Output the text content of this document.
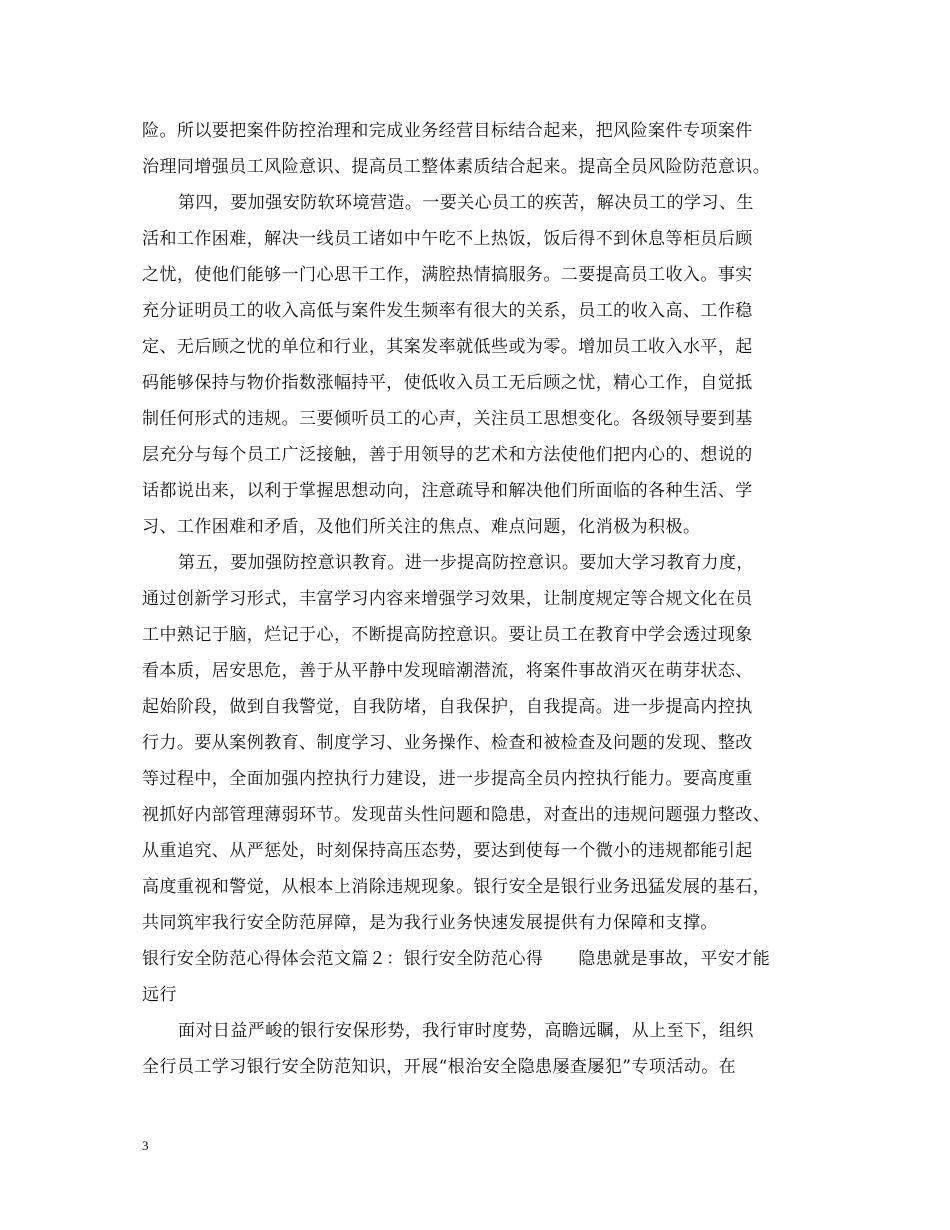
险。所以要把案件防控治理和完成业务经营目标结合起来，把风险案件专项案件
治理同增强员工风险意识、提高员工整体素质结合起来。提高全员风险防范意识。
第四，要加强安防软环境营造。一要关心员工的疾苦，解决员工的学习、生
活和工作困难，解决一线员工诸如中午吃不上热饭，饭后得不到休息等柜员后顾
之忧，使他们能够一门心思干工作，满腔热情搞服务。二要提高员工收入。事实
充分证明员工的收入高低与案件发生频率有很大的关系，员工的收入高、工作稳
定、无后顾之忧的单位和行业，其案发率就低些或为零。增加员工收入水平，起
码能够保持与物价指数涨幅持平，使低收入员工无后顾之忧，精心工作，自觉抵
制任何形式的违规。三要倾听员工的心声，关注员工思想变化。各级领导要到基
层充分与每个员工广泛接触，善于用领导的艺术和方法使他们把内心的、想说的
话都说出来，以利于掌握思想动向，注意疏导和解决他们所面临的各种生活、学
习、工作困难和矛盾，及他们所关注的焦点、难点问题，化消极为积极。
第五，要加强防控意识教育。进一步提高防控意识。要加大学习教育力度，
通过创新学习形式，丰富学习内容来增强学习效果，让制度规定等合规文化在员
工中熟记于脑，烂记于心，不断提高防控意识。要让员工在教育中学会透过现象
看本质，居安思危，善于从平静中发现暗潮潜流，将案件事故消灭在萌芽状态、
起始阶段，做到自我警觉，自我防堵，自我保护，自我提高。进一步提高内控执
行力。要从案例教育、制度学习、业务操作、检查和被检查及问题的发现、整改
等过程中，全面加强内控执行力建设，进一步提高全员内控执行能力。要高度重
视抓好内部管理薄弱环节。发现苗头性问题和隐患，对查出的违规问题强力整改、
从重追究、从严惩处，时刻保持高压态势，要达到使每一个微小的违规都能引起
高度重视和警觉，从根本上消除违规现象。银行安全是银行业务迅猛发展的基石，
共同筑牢我行安全防范屏障，是为我行业务快速发展提供有力保障和支撑。
银行安全防范心得体会范文篇２：银行安全防范心得　　隐患就是事故，平安才能
远行
面对日益严峻的银行安保形势，我行审时度势，高瞻远瞩，从上至下，组织
全行员工学习银行安全防范知识，开展“根治安全隐患屡查屡犯”专项活动。在
3
